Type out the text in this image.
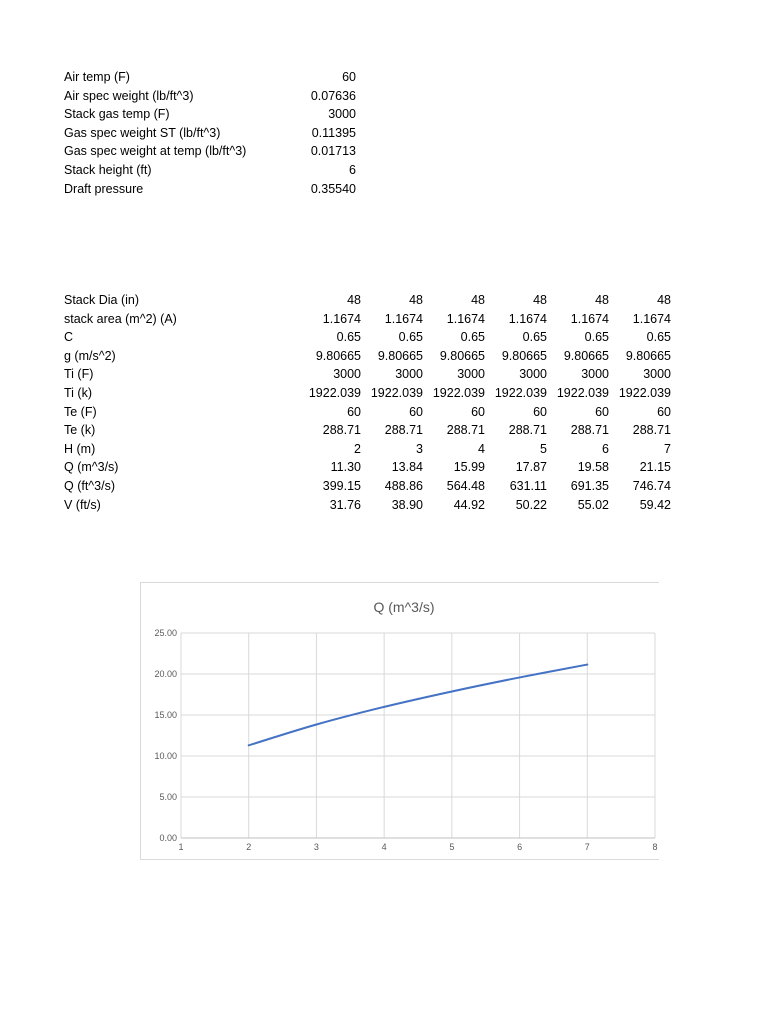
Air temp (F)	60
Air spec weight (lb/ft^3)	0.07636
Stack gas temp (F)	3000
Gas spec weight ST (lb/ft^3)	0.11395
Gas spec weight at temp (lb/ft^3)	0.01713
Stack height (ft)	6
Draft pressure	0.35540
Stack Dia (in)	48	48	48	48	48	48
stack area (m^2) (A)	1.1674	1.1674	1.1674	1.1674	1.1674	1.1674
C	0.65	0.65	0.65	0.65	0.65	0.65
g (m/s^2)	9.80665	9.80665	9.80665	9.80665	9.80665	9.80665
Ti (F)	3000	3000	3000	3000	3000	3000
Ti (k)	1922.039	1922.039	1922.039	1922.039	1922.039	1922.039
Te (F)	60	60	60	60	60	60
Te (k)	288.71	288.71	288.71	288.71	288.71	288.71
H (m)	2	3	4	5	6	7
Q (m^3/s)	11.30	13.84	15.99	17.87	19.58	21.15
Q (ft^3/s)	399.15	488.86	564.48	631.11	691.35	746.74
V (ft/s)	31.76	38.90	44.92	50.22	55.02	59.42
Q (m^3/s)
0.00
5.00
10.00
15.00
20.00
25.00
1	2	3	4	5	6	7	8
